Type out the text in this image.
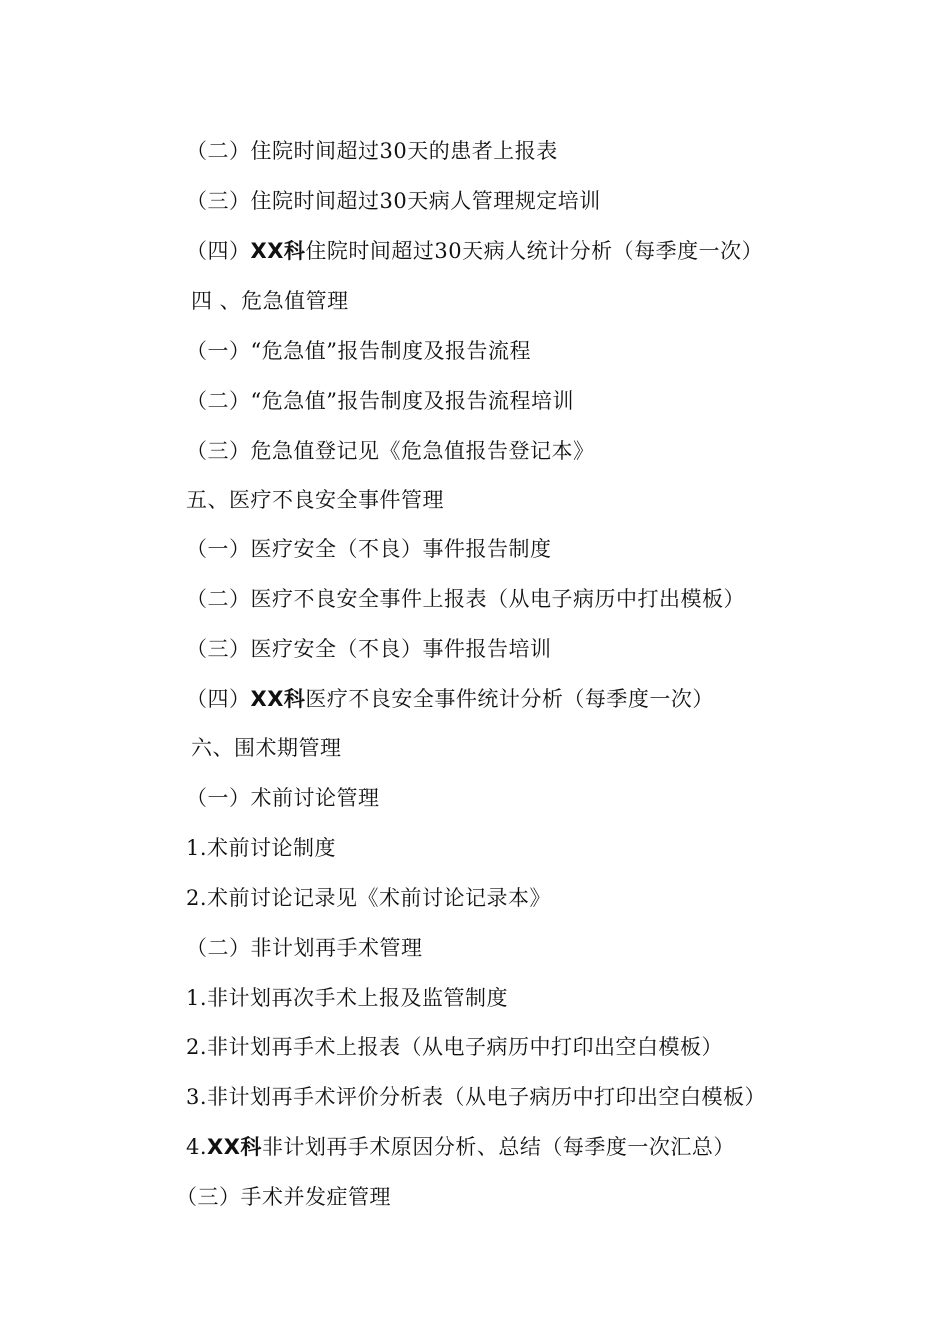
（二）住院时间超过30天的患者上报表
（三）住院时间超过30天病人管理规定培训
（四）XX科住院时间超过30天病人统计分析（每季度一次）
四 、危急值管理
（一）“危急值”报告制度及报告流程
（二）“危急值”报告制度及报告流程培训
（三）危急值登记见《危急值报告登记本》
五、医疗不良安全事件管理
（一）医疗安全（不良）事件报告制度
（二）医疗不良安全事件上报表（从电子病历中打出模板）
（三）医疗安全（不良）事件报告培训
（四）XX科医疗不良安全事件统计分析（每季度一次）
六、围术期管理
（一）术前讨论管理
1.术前讨论制度
2.术前讨论记录见《术前讨论记录本》
（二）非计划再手术管理
1.非计划再次手术上报及监管制度
2.非计划再手术上报表（从电子病历中打印出空白模板）
3.非计划再手术评价分析表（从电子病历中打印出空白模板）
4.XX科非计划再手术原因分析、总结（每季度一次汇总）
（三）手术并发症管理
